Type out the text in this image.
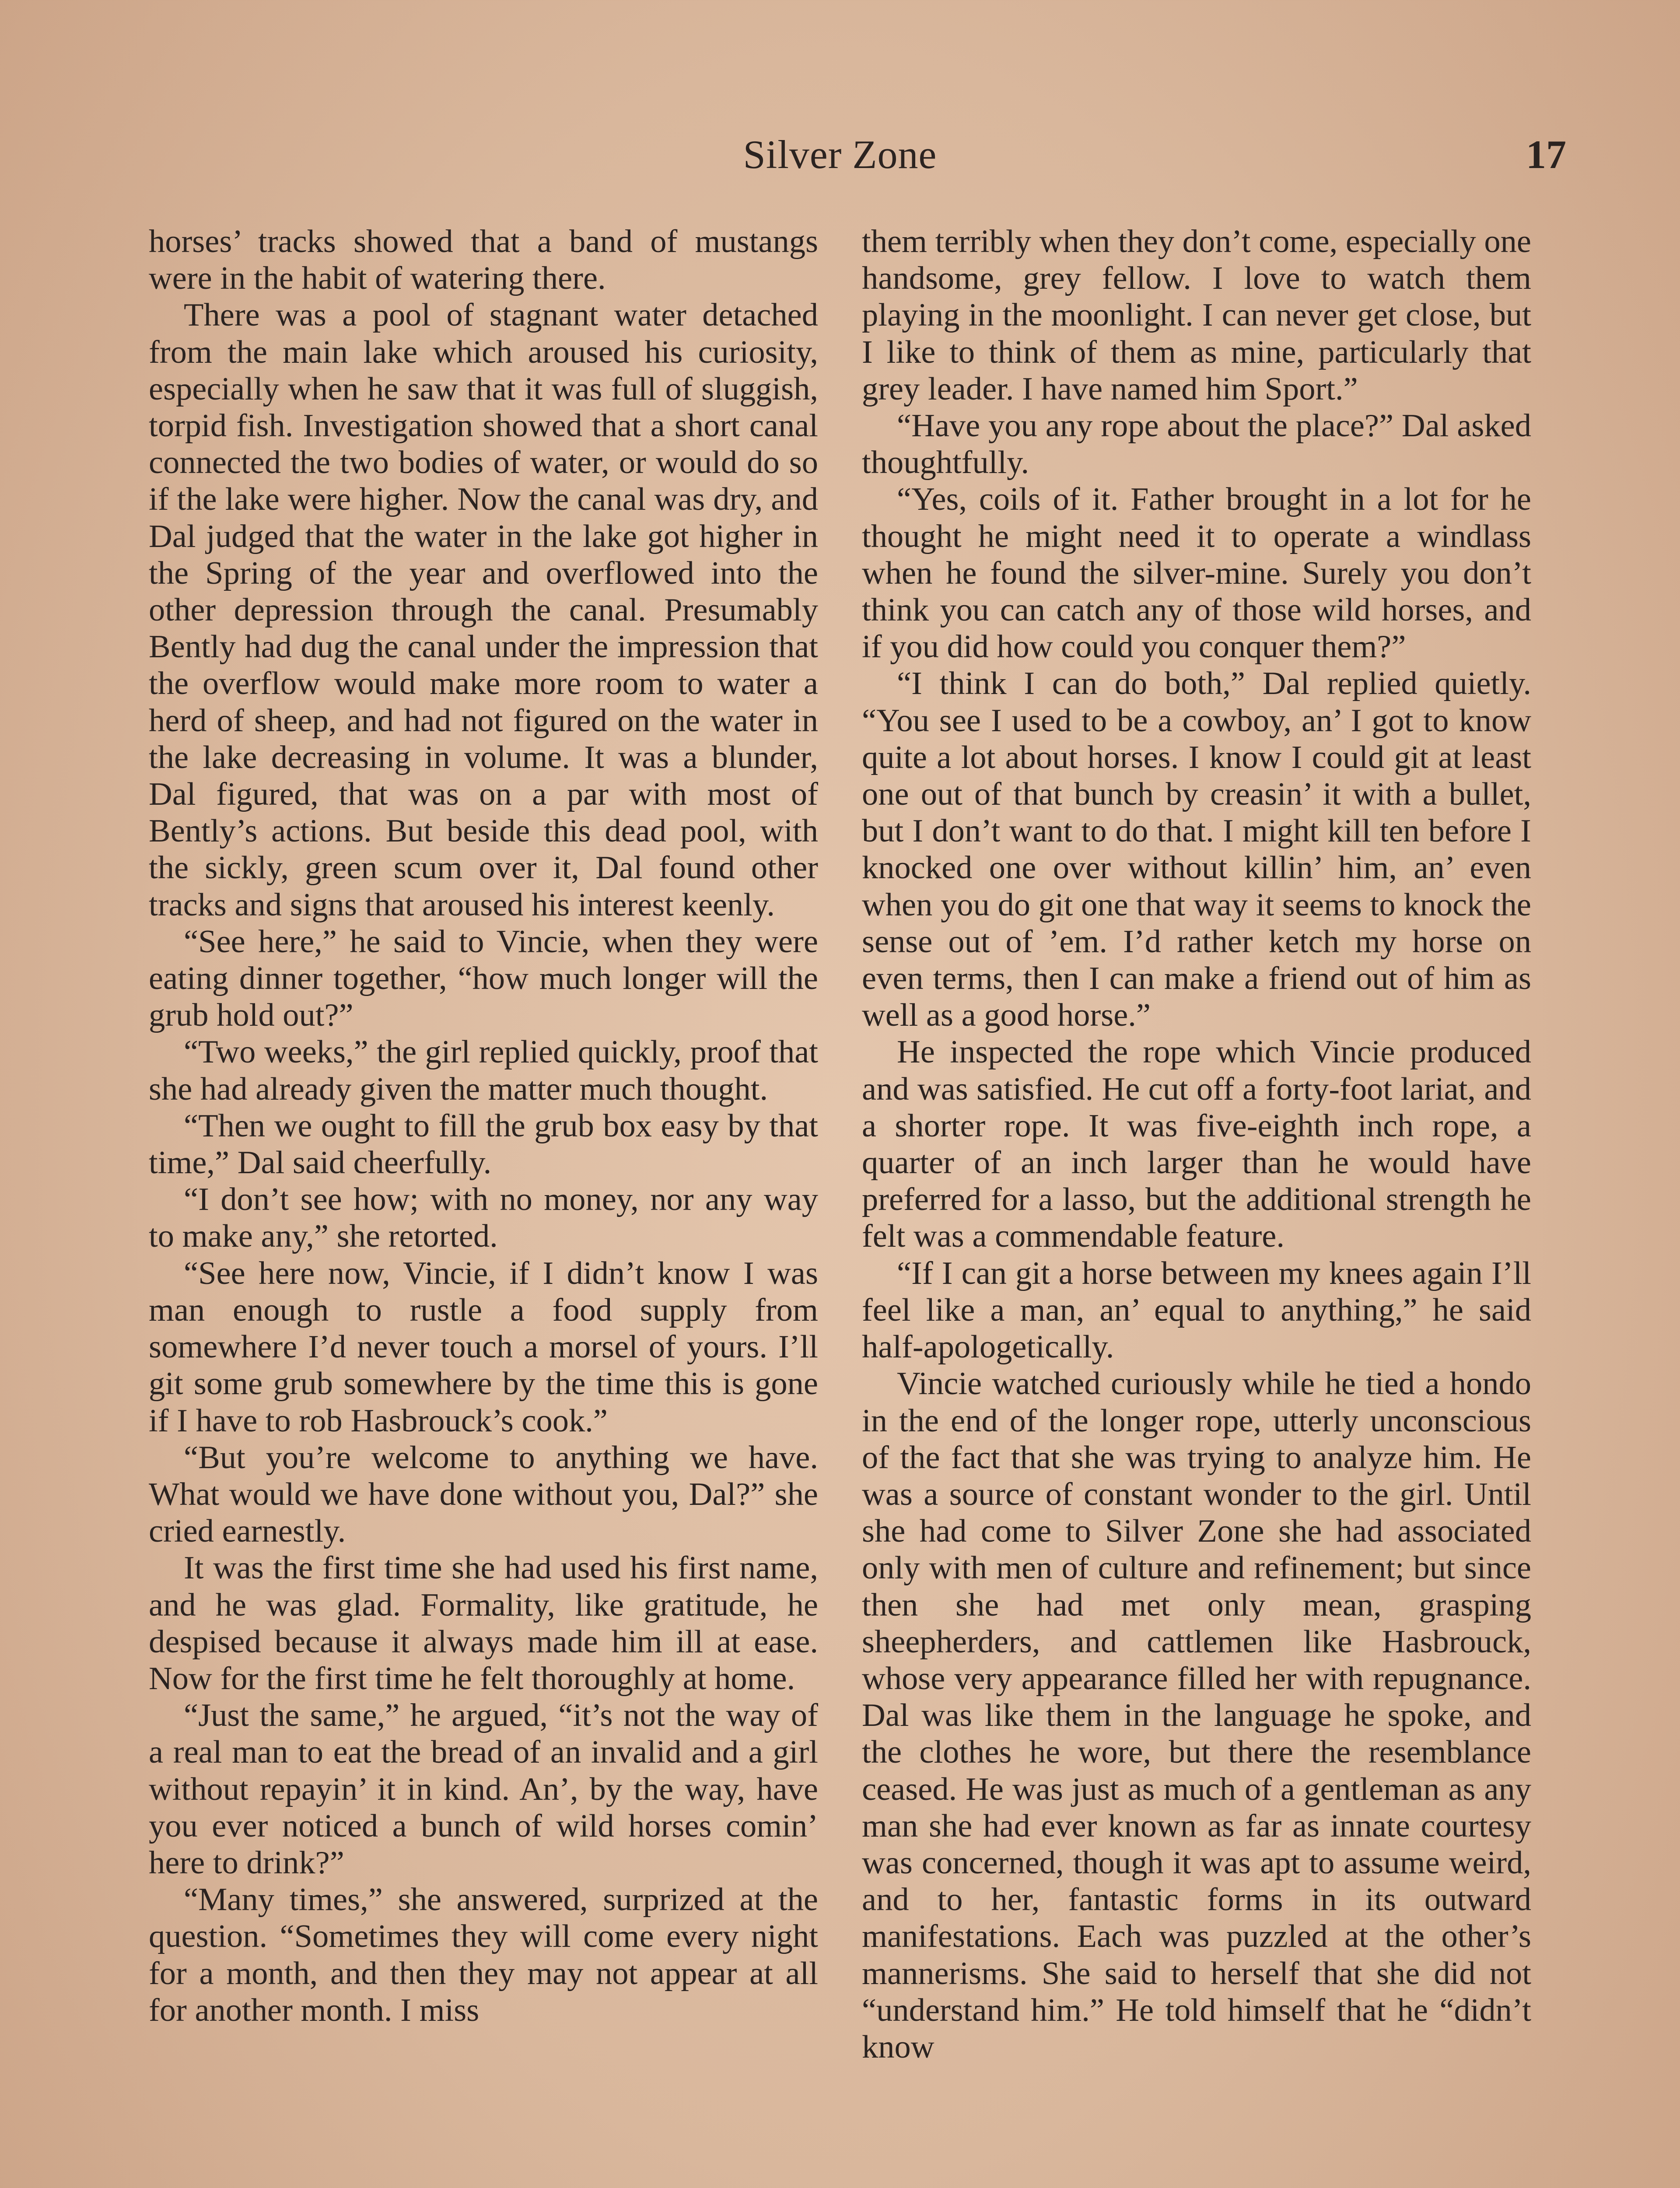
Silver Zone	17

horses’ tracks showed that a band of mustangs were in the habit of watering there.

There was a pool of stagnant water detached from the main lake which aroused his curiosity, especially when he saw that it was full of sluggish, torpid fish. Investigation showed that a short canal connected the two bodies of water, or would do so if the lake were higher. Now the canal was dry, and Dal judged that the water in the lake got higher in the Spring of the year and overflowed into the other depression through the canal. Presumably Bently had dug the canal under the impression that the overflow would make more room to water a herd of sheep, and had not figured on the water in the lake decreasing in volume. It was a blunder, Dal figured, that was on a par with most of Bently’s actions. But beside this dead pool, with the sickly, green scum over it, Dal found other tracks and signs that aroused his interest keenly.

“See here,” he said to Vincie, when they were eating dinner together, “how much longer will the grub hold out?”

“Two weeks,” the girl replied quickly, proof that she had already given the matter much thought.

“Then we ought to fill the grub box easy by that time,” Dal said cheerfully.

“I don’t see how; with no money, nor any way to make any,” she retorted.

“See here now, Vincie, if I didn’t know I was man enough to rustle a food supply from somewhere I’d never touch a morsel of yours. I’ll git some grub somewhere by the time this is gone if I have to rob Hasbrouck’s cook.”

“But you’re welcome to anything we have. What would we have done without you, Dal?” she cried earnestly.

It was the first time she had used his first name, and he was glad. Formality, like gratitude, he despised because it always made him ill at ease. Now for the first time he felt thoroughly at home.

“Just the same,” he argued, “it’s not the way of a real man to eat the bread of an invalid and a girl without repayin’ it in kind. An’, by the way, have you ever noticed a bunch of wild horses comin’ here to drink?”

“Many times,” she answered, surprized at the question. “Sometimes they will come every night for a month, and then they may not appear at all for another month. I miss

them terribly when they don’t come, especially one handsome, grey fellow. I love to watch them playing in the moonlight. I can never get close, but I like to think of them as mine, particularly that grey leader. I have named him Sport.”

“Have you any rope about the place?” Dal asked thoughtfully.

“Yes, coils of it. Father brought in a lot for he thought he might need it to operate a windlass when he found the silver-mine. Surely you don’t think you can catch any of those wild horses, and if you did how could you conquer them?”

“I think I can do both,” Dal replied quietly. “You see I used to be a cowboy, an’ I got to know quite a lot about horses. I know I could git at least one out of that bunch by creasin’ it with a bullet, but I don’t want to do that. I might kill ten before I knocked one over without killin’ him, an’ even when you do git one that way it seems to knock the sense out of ’em. I’d rather ketch my horse on even terms, then I can make a friend out of him as well as a good horse.”

He inspected the rope which Vincie produced and was satisfied. He cut off a forty-foot lariat, and a shorter rope. It was five-eighth inch rope, a quarter of an inch larger than he would have preferred for a lasso, but the additional strength he felt was a commendable feature.

“If I can git a horse between my knees again I’ll feel like a man, an’ equal to anything,” he said half-apologetically.

Vincie watched curiously while he tied a hondo in the end of the longer rope, utterly unconscious of the fact that she was trying to analyze him. He was a source of constant wonder to the girl. Until she had come to Silver Zone she had associated only with men of culture and refinement; but since then she had met only mean, grasping sheepherders, and cattlemen like Hasbrouck, whose very appearance filled her with repugnance. Dal was like them in the language he spoke, and the clothes he wore, but there the resemblance ceased. He was just as much of a gentleman as any man she had ever known as far as innate courtesy was concerned, though it was apt to assume weird, and to her, fantastic forms in its outward manifestations. Each was puzzled at the other’s mannerisms. She said to herself that she did not “understand him.” He told himself that he “didn’t know
